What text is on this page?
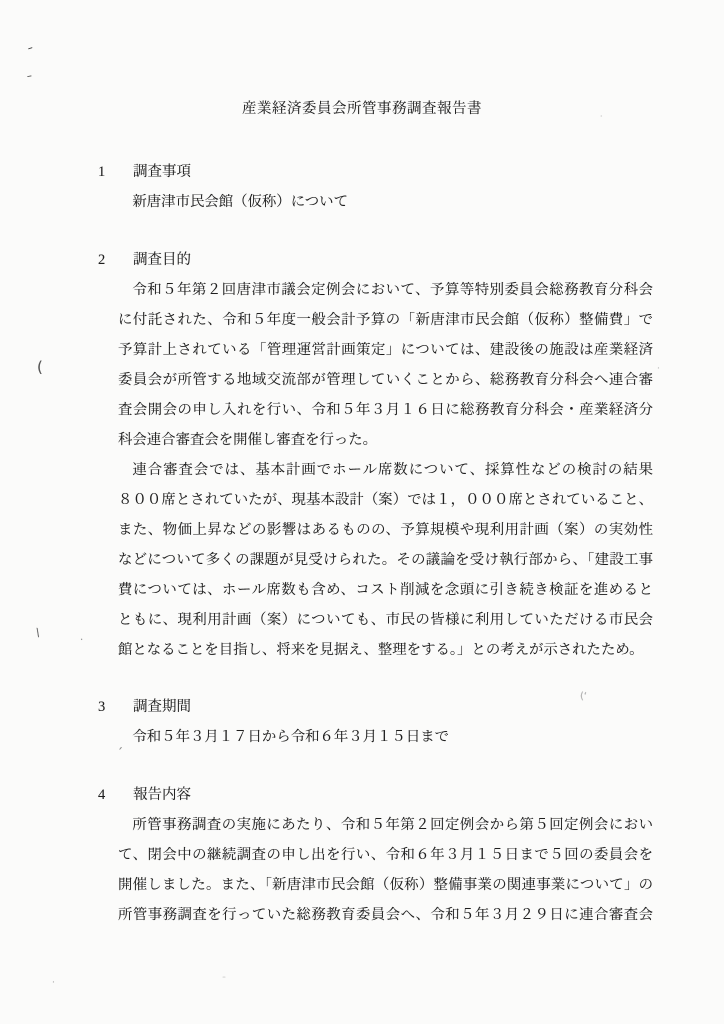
産業経済委員会所管事務調査報告書
1 調査事項
新唐津市民会館（仮称）について
2 調査目的
令和５年第２回唐津市議会定例会において、予算等特別委員会総務教育分科会
に付託された、令和５年度一般会計予算の「新唐津市民会館（仮称）整備費」で
予算計上されている「管理運営計画策定」については、建設後の施設は産業経済
委員会が所管する地域交流部が管理していくことから、総務教育分科会へ連合審
査会開会の申し入れを行い、令和５年３月１６日に総務教育分科会・産業経済分
科会連合審査会を開催し審査を行った。
連合審査会では、基本計画でホール席数について、採算性などの検討の結果
８００席とされていたが、現基本設計（案）では１，０００席とされていること、
また、物価上昇などの影響はあるものの、予算規模や現利用計画（案）の実効性
などについて多くの課題が見受けられた。その議論を受け執行部から、「建設工事
費については、ホール席数も含め、コスト削減を念頭に引き続き検証を進めると
ともに、現利用計画（案）についても、市民の皆様に利用していただける市民会
館となることを目指し、将来を見据え、整理をする。」との考えが示されたため。
3 調査期間
令和５年３月１７日から令和６年３月１５日まで
4 報告内容
所管事務調査の実施にあたり、令和５年第２回定例会から第５回定例会におい
て、閉会中の継続調査の申し出を行い、令和６年３月１５日まで５回の委員会を
開催しました。また、「新唐津市民会館（仮称）整備事業の関連事業について」の
所管事務調査を行っていた総務教育委員会へ、令和５年３月２９日に連合審査会
–
–
(
\
·
´
(‘
·
·
·	¨
